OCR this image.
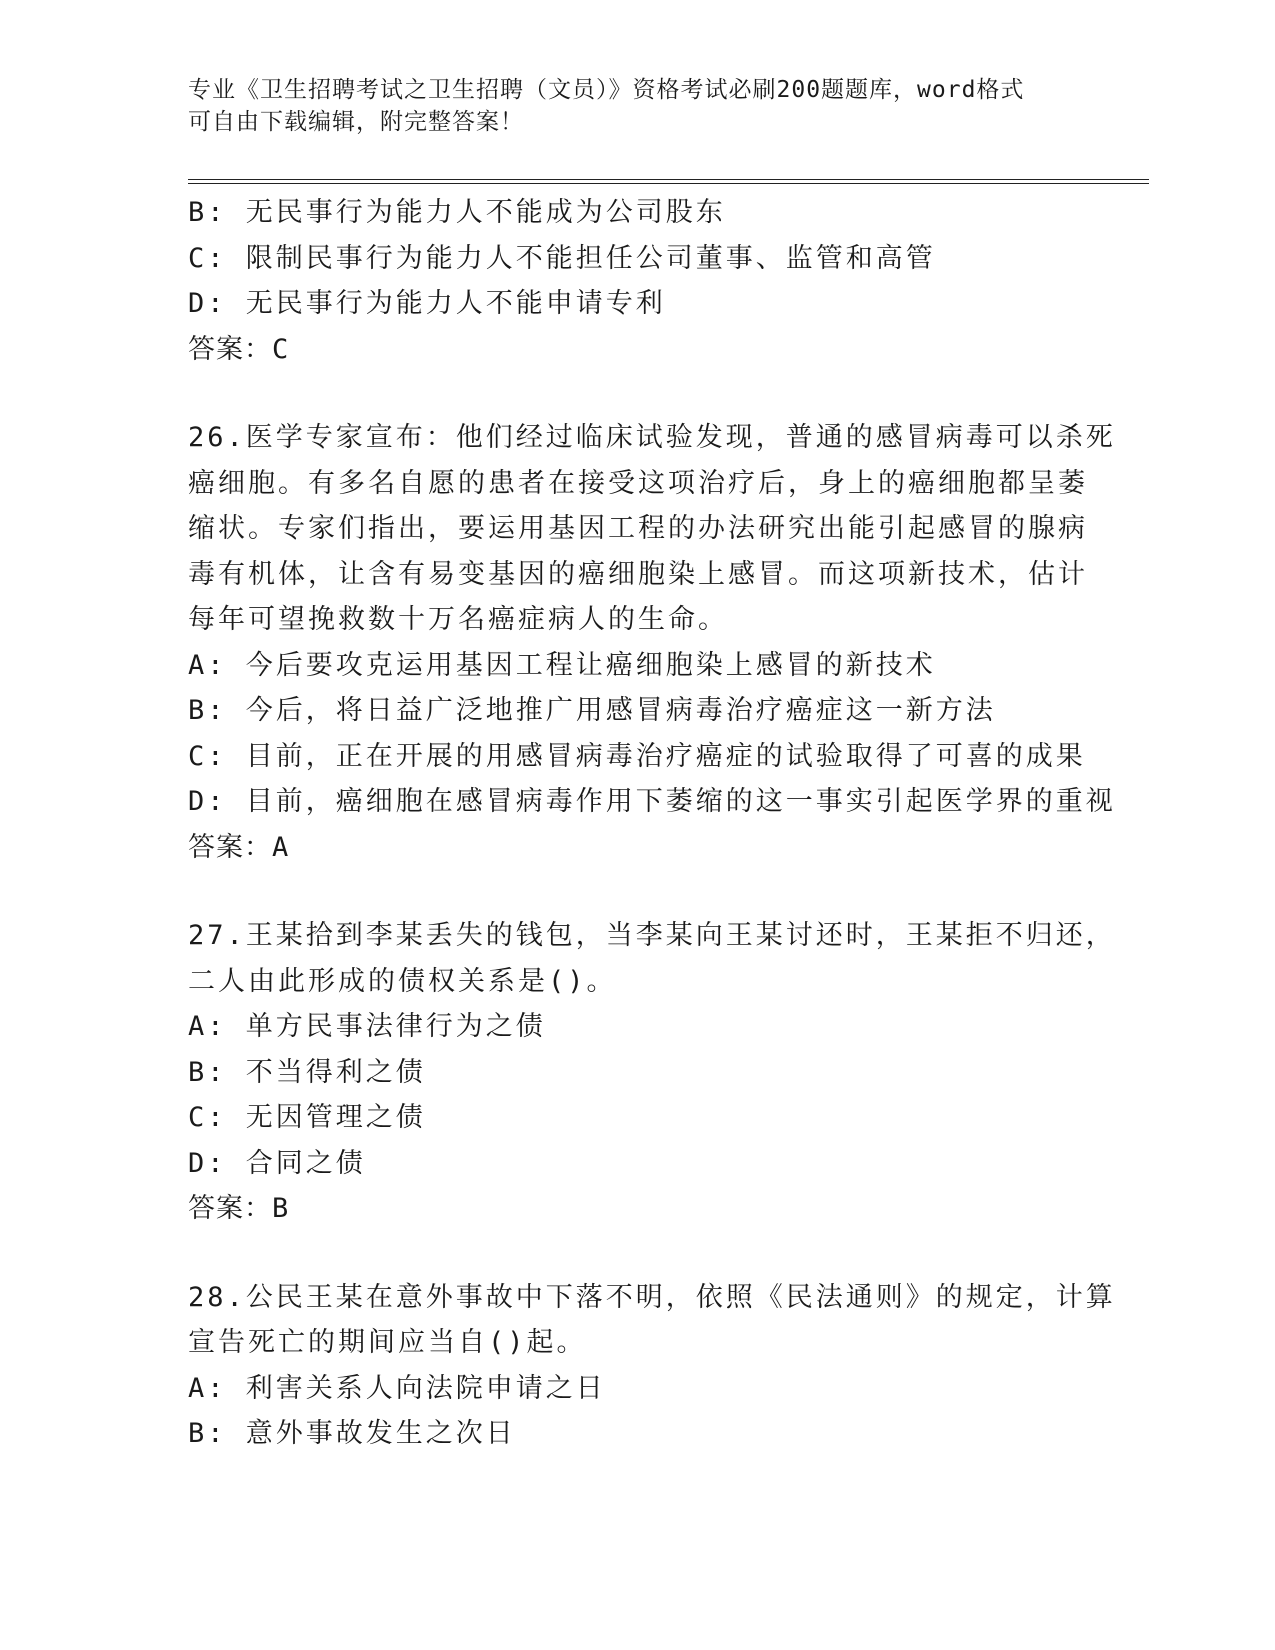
专业《卫生招聘考试之卫生招聘（文员）》资格考试必刷200题题库，word格式
可自由下载编辑，附完整答案！
B: 无民事行为能力人不能成为公司股东
C: 限制民事行为能力人不能担任公司董事、监管和高管
D: 无民事行为能力人不能申请专利
答案：C
26.医学专家宣布：他们经过临床试验发现，普通的感冒病毒可以杀死
癌细胞。有多名自愿的患者在接受这项治疗后，身上的癌细胞都呈萎
缩状。专家们指出，要运用基因工程的办法研究出能引起感冒的腺病
毒有机体，让含有易变基因的癌细胞染上感冒。而这项新技术，估计
每年可望挽救数十万名癌症病人的生命。
A: 今后要攻克运用基因工程让癌细胞染上感冒的新技术
B: 今后，将日益广泛地推广用感冒病毒治疗癌症这一新方法
C: 目前，正在开展的用感冒病毒治疗癌症的试验取得了可喜的成果
D: 目前，癌细胞在感冒病毒作用下萎缩的这一事实引起医学界的重视
答案：A
27.王某拾到李某丢失的钱包，当李某向王某讨还时，王某拒不归还，
二人由此形成的债权关系是()。
A: 单方民事法律行为之债
B: 不当得利之债
C: 无因管理之债
D: 合同之债
答案：B
28.公民王某在意外事故中下落不明，依照《民法通则》的规定，计算
宣告死亡的期间应当自()起。
A: 利害关系人向法院申请之日
B: 意外事故发生之次日
